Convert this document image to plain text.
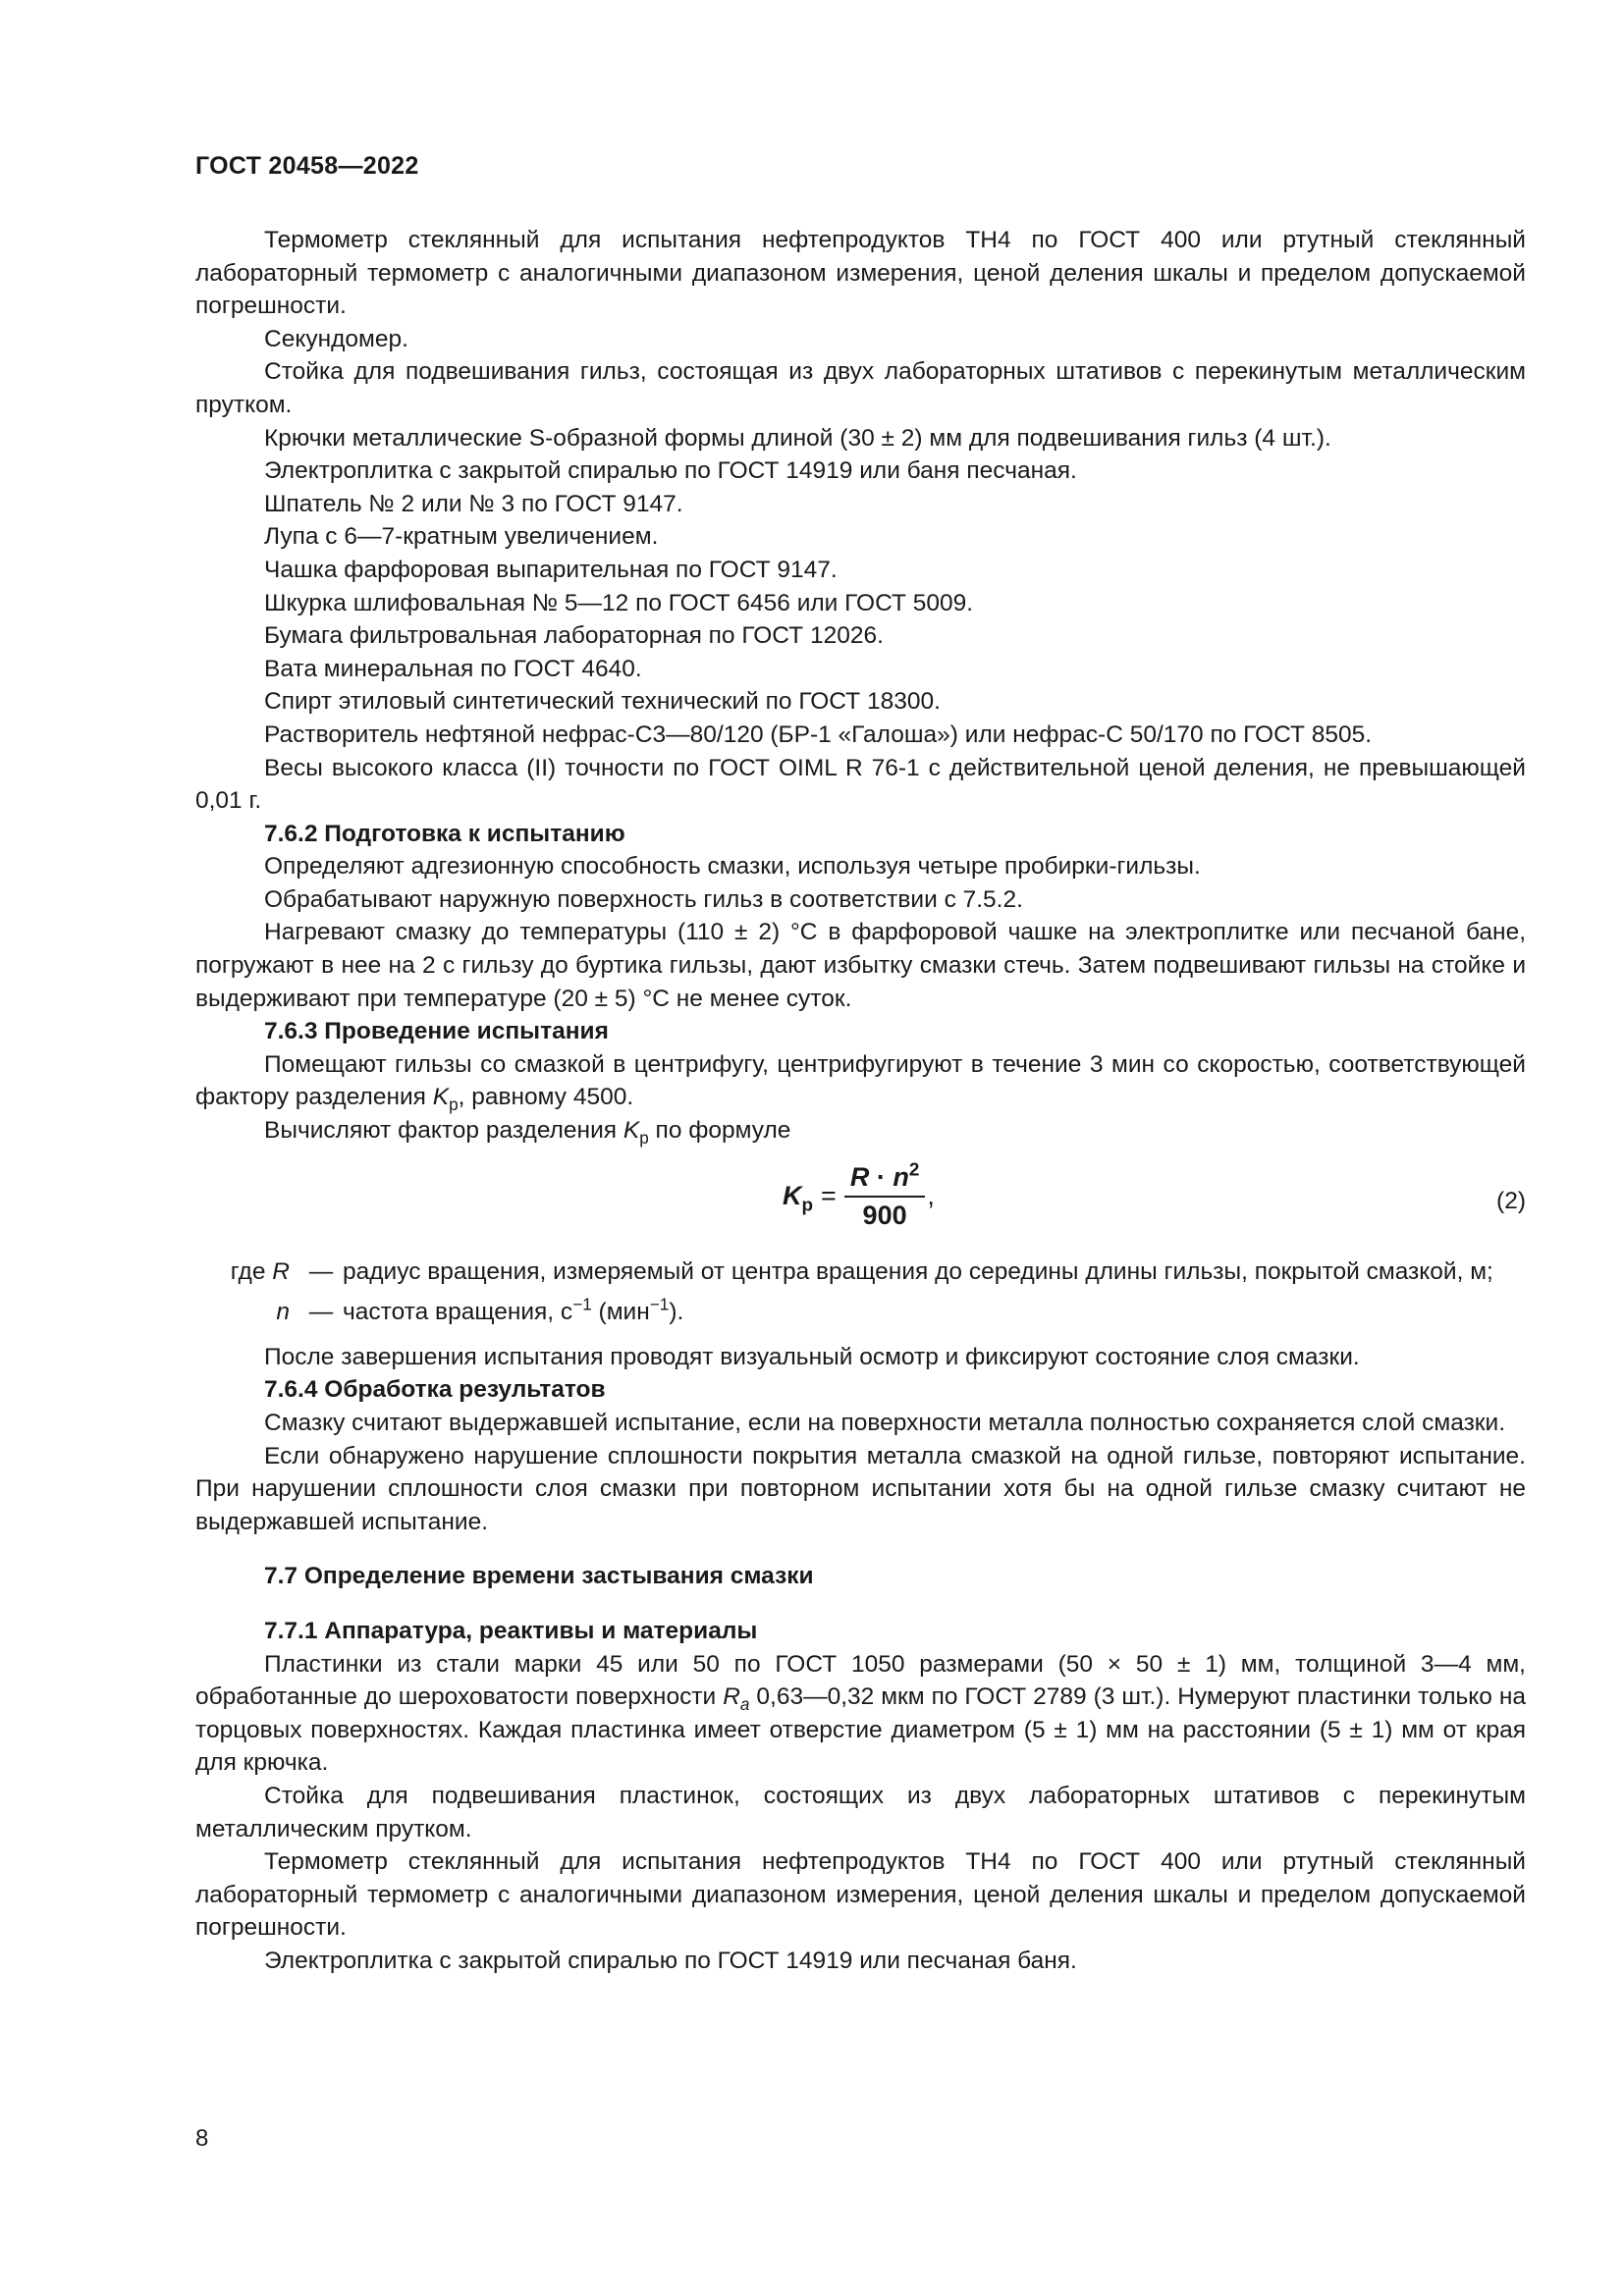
ГОСТ 20458—2022

Термометр стеклянный для испытания нефтепродуктов ТН4 по ГОСТ 400 или ртутный стеклянный лабораторный термометр с аналогичными диапазоном измерения, ценой деления шкалы и пределом допускаемой погрешности.

Секундомер.

Стойка для подвешивания гильз, состоящая из двух лабораторных штативов с перекинутым металлическим прутком.

Крючки металлические S-образной формы длиной (30 ± 2) мм для подвешивания гильз (4 шт.).

Электроплитка с закрытой спиралью по ГОСТ 14919 или баня песчаная.

Шпатель № 2 или № 3 по ГОСТ 9147.

Лупа с 6—7-кратным увеличением.

Чашка фарфоровая выпарительная по ГОСТ 9147.

Шкурка шлифовальная № 5—12 по ГОСТ 6456 или ГОСТ 5009.

Бумага фильтровальная лабораторная по ГОСТ 12026.

Вата минеральная по ГОСТ 4640.

Спирт этиловый синтетический технический по ГОСТ 18300.

Растворитель нефтяной нефрас-С3—80/120 (БР-1 «Галоша») или нефрас-С 50/170 по ГОСТ 8505.

Весы высокого класса (II) точности по ГОСТ OIML R 76-1 с действительной ценой деления, не превышающей 0,01 г.

7.6.2 Подготовка к испытанию

Определяют адгезионную способность смазки, используя четыре пробирки-гильзы.

Обрабатывают наружную поверхность гильз в соответствии с 7.5.2.

Нагревают смазку до температуры (110 ± 2) °С в фарфоровой чашке на электроплитке или песчаной бане, погружают в нее на 2 с гильзу до буртика гильзы, дают избытку смазки стечь. Затем подвешивают гильзы на стойке и выдерживают при температуре (20 ± 5) °С не менее суток.

7.6.3 Проведение испытания

Помещают гильзы со смазкой в центрифугу, центрифугируют в течение 3 мин со скоростью, соответствующей фактору разделения $K_р$, равному 4500.

Вычисляют фактор разделения $K_р$ по формуле

$K_р = \frac{R \cdot n^2}{900}$ ,	(2)
где R — радиус вращения, измеряемый от центра вращения до середины длины гильзы, покрытой смазкой, м;
n — частота вращения, $с^{-1}$ (мин$^{-1}$).

После завершения испытания проводят визуальный осмотр и фиксируют состояние слоя смазки.

7.6.4 Обработка результатов

Смазку считают выдержавшей испытание, если на поверхности металла полностью сохраняется слой смазки.

Если обнаружено нарушение сплошности покрытия металла смазкой на одной гильзе, повторяют испытание. При нарушении сплошности слоя смазки при повторном испытании хотя бы на одной гильзе смазку считают не выдержавшей испытание.

7.7 Определение времени застывания смазки

7.7.1 Аппаратура, реактивы и материалы

Пластинки из стали марки 45 или 50 по ГОСТ 1050 размерами (50 × 50 ± 1) мм, толщиной 3—4 мм, обработанные до шероховатости поверхности $R_a$ 0,63—0,32 мкм по ГОСТ 2789 (3 шт.). Нумеруют пластинки только на торцовых поверхностях. Каждая пластинка имеет отверстие диаметром (5 ± 1) мм на расстоянии (5 ± 1) мм от края для крючка.

Стойка для подвешивания пластинок, состоящих из двух лабораторных штативов с перекинутым металлическим прутком.

Термометр стеклянный для испытания нефтепродуктов ТН4 по ГОСТ 400 или ртутный стеклянный лабораторный термометр с аналогичными диапазоном измерения, ценой деления шкалы и пределом допускаемой погрешности.

Электроплитка с закрытой спиралью по ГОСТ 14919 или песчаная баня.

8
